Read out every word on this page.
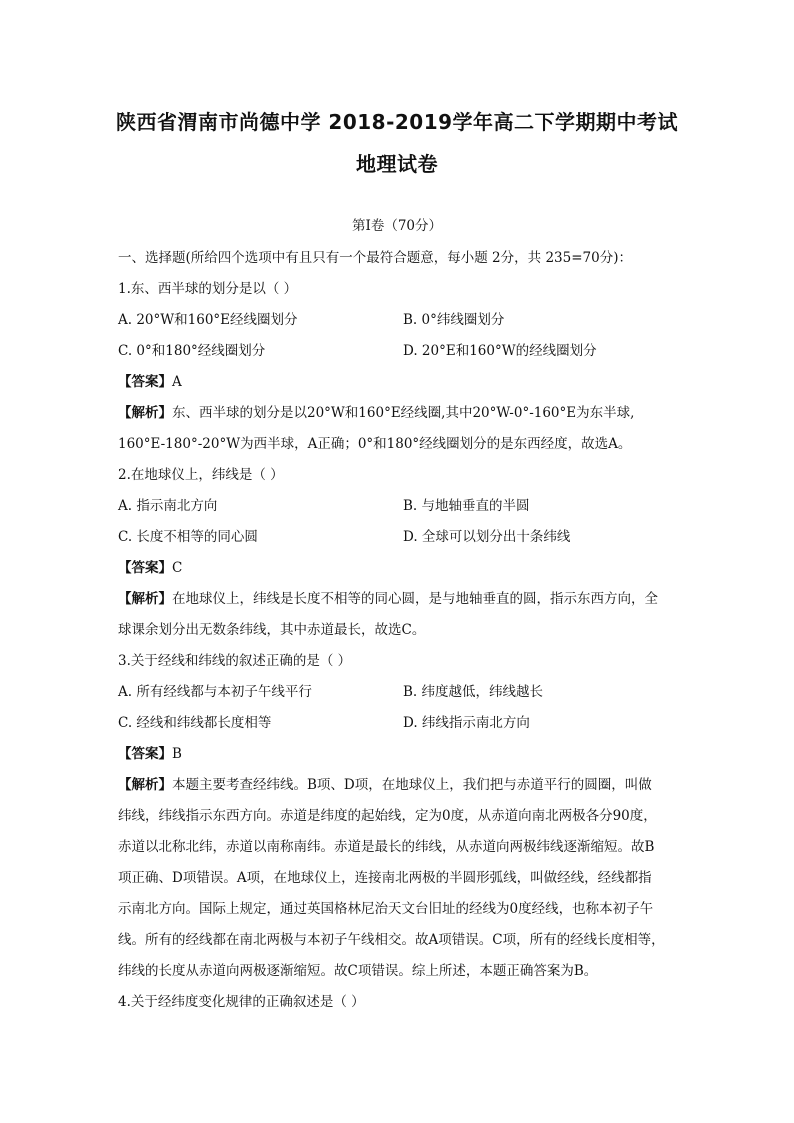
陕西省渭南市尚德中学 2018-2019学年高二下学期期中考试
地理试卷
第Ⅰ卷（70分）
一、选择题(所给四个选项中有且只有一个最符合题意，每小题 2分，共 235=70分)：
1.东、西半球的划分是以（ ）
A. 20°W和160°E经线圈划分	B. 0°纬线圈划分
C. 0°和180°经线圈划分	D. 20°E和160°W的经线圈划分
【答案】A
【解析】东、西半球的划分是以20°W和160°E经线圈,其中20°W-0°-160°E为东半球,
160°E-180°-20°W为西半球，A正确；0°和180°经线圈划分的是东西经度，故选A。
2.在地球仪上，纬线是（ ）
A. 指示南北方向	B. 与地轴垂直的半圆
C. 长度不相等的同心圆	D. 全球可以划分出十条纬线
【答案】C
【解析】在地球仪上，纬线是长度不相等的同心圆，是与地轴垂直的圆，指示东西方向，全
球课余划分出无数条纬线，其中赤道最长，故选C。
3.关于经线和纬线的叙述正确的是（ ）
A. 所有经线都与本初子午线平行	B. 纬度越低，纬线越长
C. 经线和纬线都长度相等	D. 纬线指示南北方向
【答案】B
【解析】本题主要考查经纬线。B项、D项，在地球仪上，我们把与赤道平行的圆圈，叫做
纬线，纬线指示东西方向。赤道是纬度的起始线，定为0度，从赤道向南北两极各分90度，
赤道以北称北纬，赤道以南称南纬。赤道是最长的纬线，从赤道向两极纬线逐渐缩短。故B
项正确、D项错误。A项，在地球仪上，连接南北两极的半圆形弧线，叫做经线，经线都指
示南北方向。国际上规定，通过英国格林尼治天文台旧址的经线为0度经线，也称本初子午
线。所有的经线都在南北两极与本初子午线相交。故A项错误。C项，所有的经线长度相等，
纬线的长度从赤道向两极逐渐缩短。故C项错误。综上所述，本题正确答案为B。
4.关于经纬度变化规律的正确叙述是（ ）
